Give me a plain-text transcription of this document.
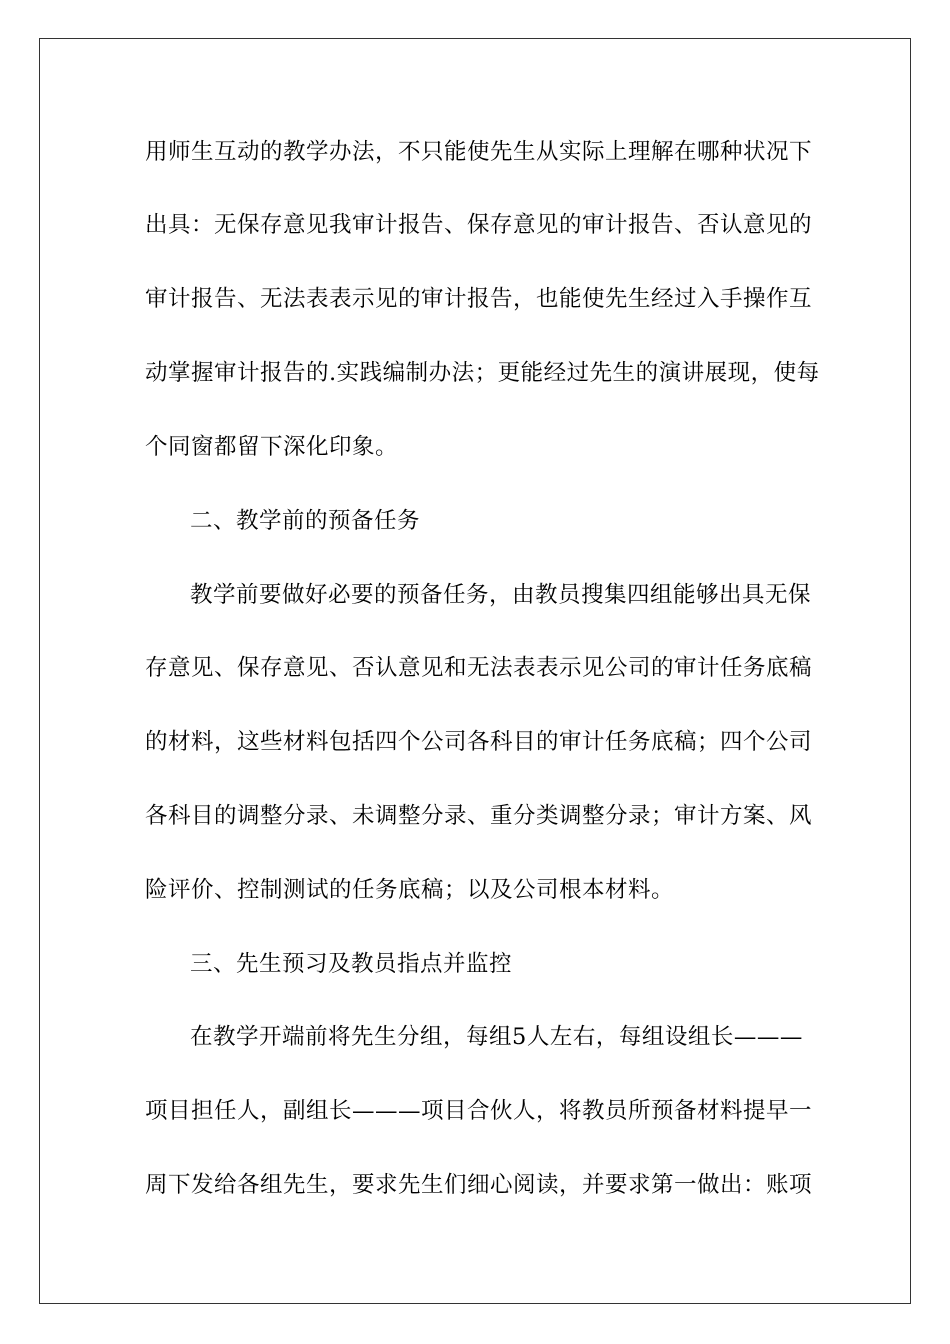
用师生互动的教学办法，不只能使先生从实际上理解在哪种状况下
出具：无保存意见我审计报告、保存意见的审计报告、否认意见的
审计报告、无法表表示见的审计报告，也能使先生经过入手操作互
动掌握审计报告的.实践编制办法；更能经过先生的演讲展现，使每
个同窗都留下深化印象。
二、教学前的预备任务
教学前要做好必要的预备任务，由教员搜集四组能够出具无保
存意见、保存意见、否认意见和无法表表示见公司的审计任务底稿
的材料，这些材料包括四个公司各科目的审计任务底稿；四个公司
各科目的调整分录、未调整分录、重分类调整分录；审计方案、风
险评价、控制测试的任务底稿；以及公司根本材料。
三、先生预习及教员指点并监控
在教学开端前将先生分组，每组5人左右，每组设组长———
项目担任人，副组长———项目合伙人，将教员所预备材料提早一
周下发给各组先生，要求先生们细心阅读，并要求第一做出：账项
